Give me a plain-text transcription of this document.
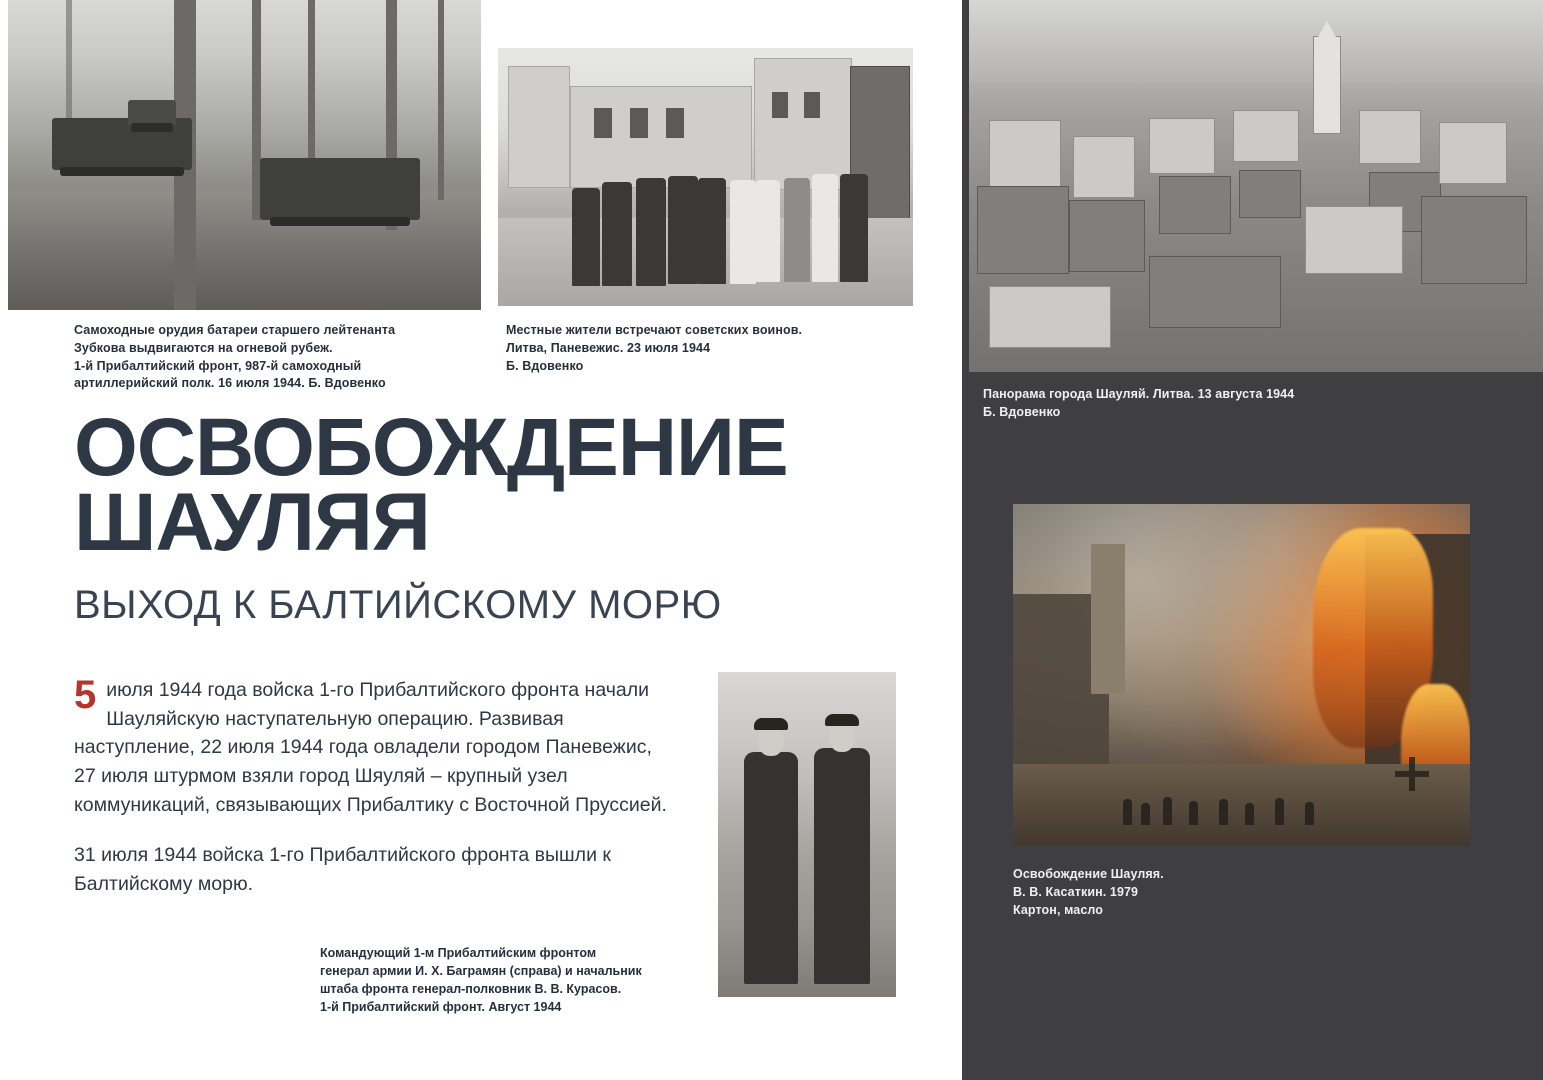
Самоходные орудия батареи старшего лейтенанта
Зубкова выдвигаются на огневой рубеж.
1-й Прибалтийский фронт, 987-й самоходный
артиллерийский полк. 16 июля 1944. Б. Вдовенко
Местные жители встречают советских воинов.
Литва, Паневежис. 23 июля 1944
Б. Вдовенко
Панорама города Шауляй. Литва. 13 августа 1944
Б. Вдовенко
Освобождение Шауляя.
В. В. Касаткин. 1979
Картон, масло
ОСВОБОЖДЕНИЕ
ШАУЛЯЯ
ВЫХОД К БАЛТИЙСКОМУ МОРЮ

5 июля 1944 года войска 1-го Прибалтийского фронта начали Шауляйскую наступательную операцию. Развивая наступление, 22 июля 1944 года овладели городом Паневежис, 27 июля штурмом взяли город Шяуляй – крупный узел коммуникаций, связывающих Прибалтику с Восточной Пруссией.

31 июля 1944 войска 1-го Прибалтийского фронта вышли к Балтийскому морю.

Командующий 1-м Прибалтийским фронтом
генерал армии И. Х. Баграмян (справа) и начальник
штаба фронта генерал-полковник В. В. Курасов.
1-й Прибалтийский фронт. Август 1944
